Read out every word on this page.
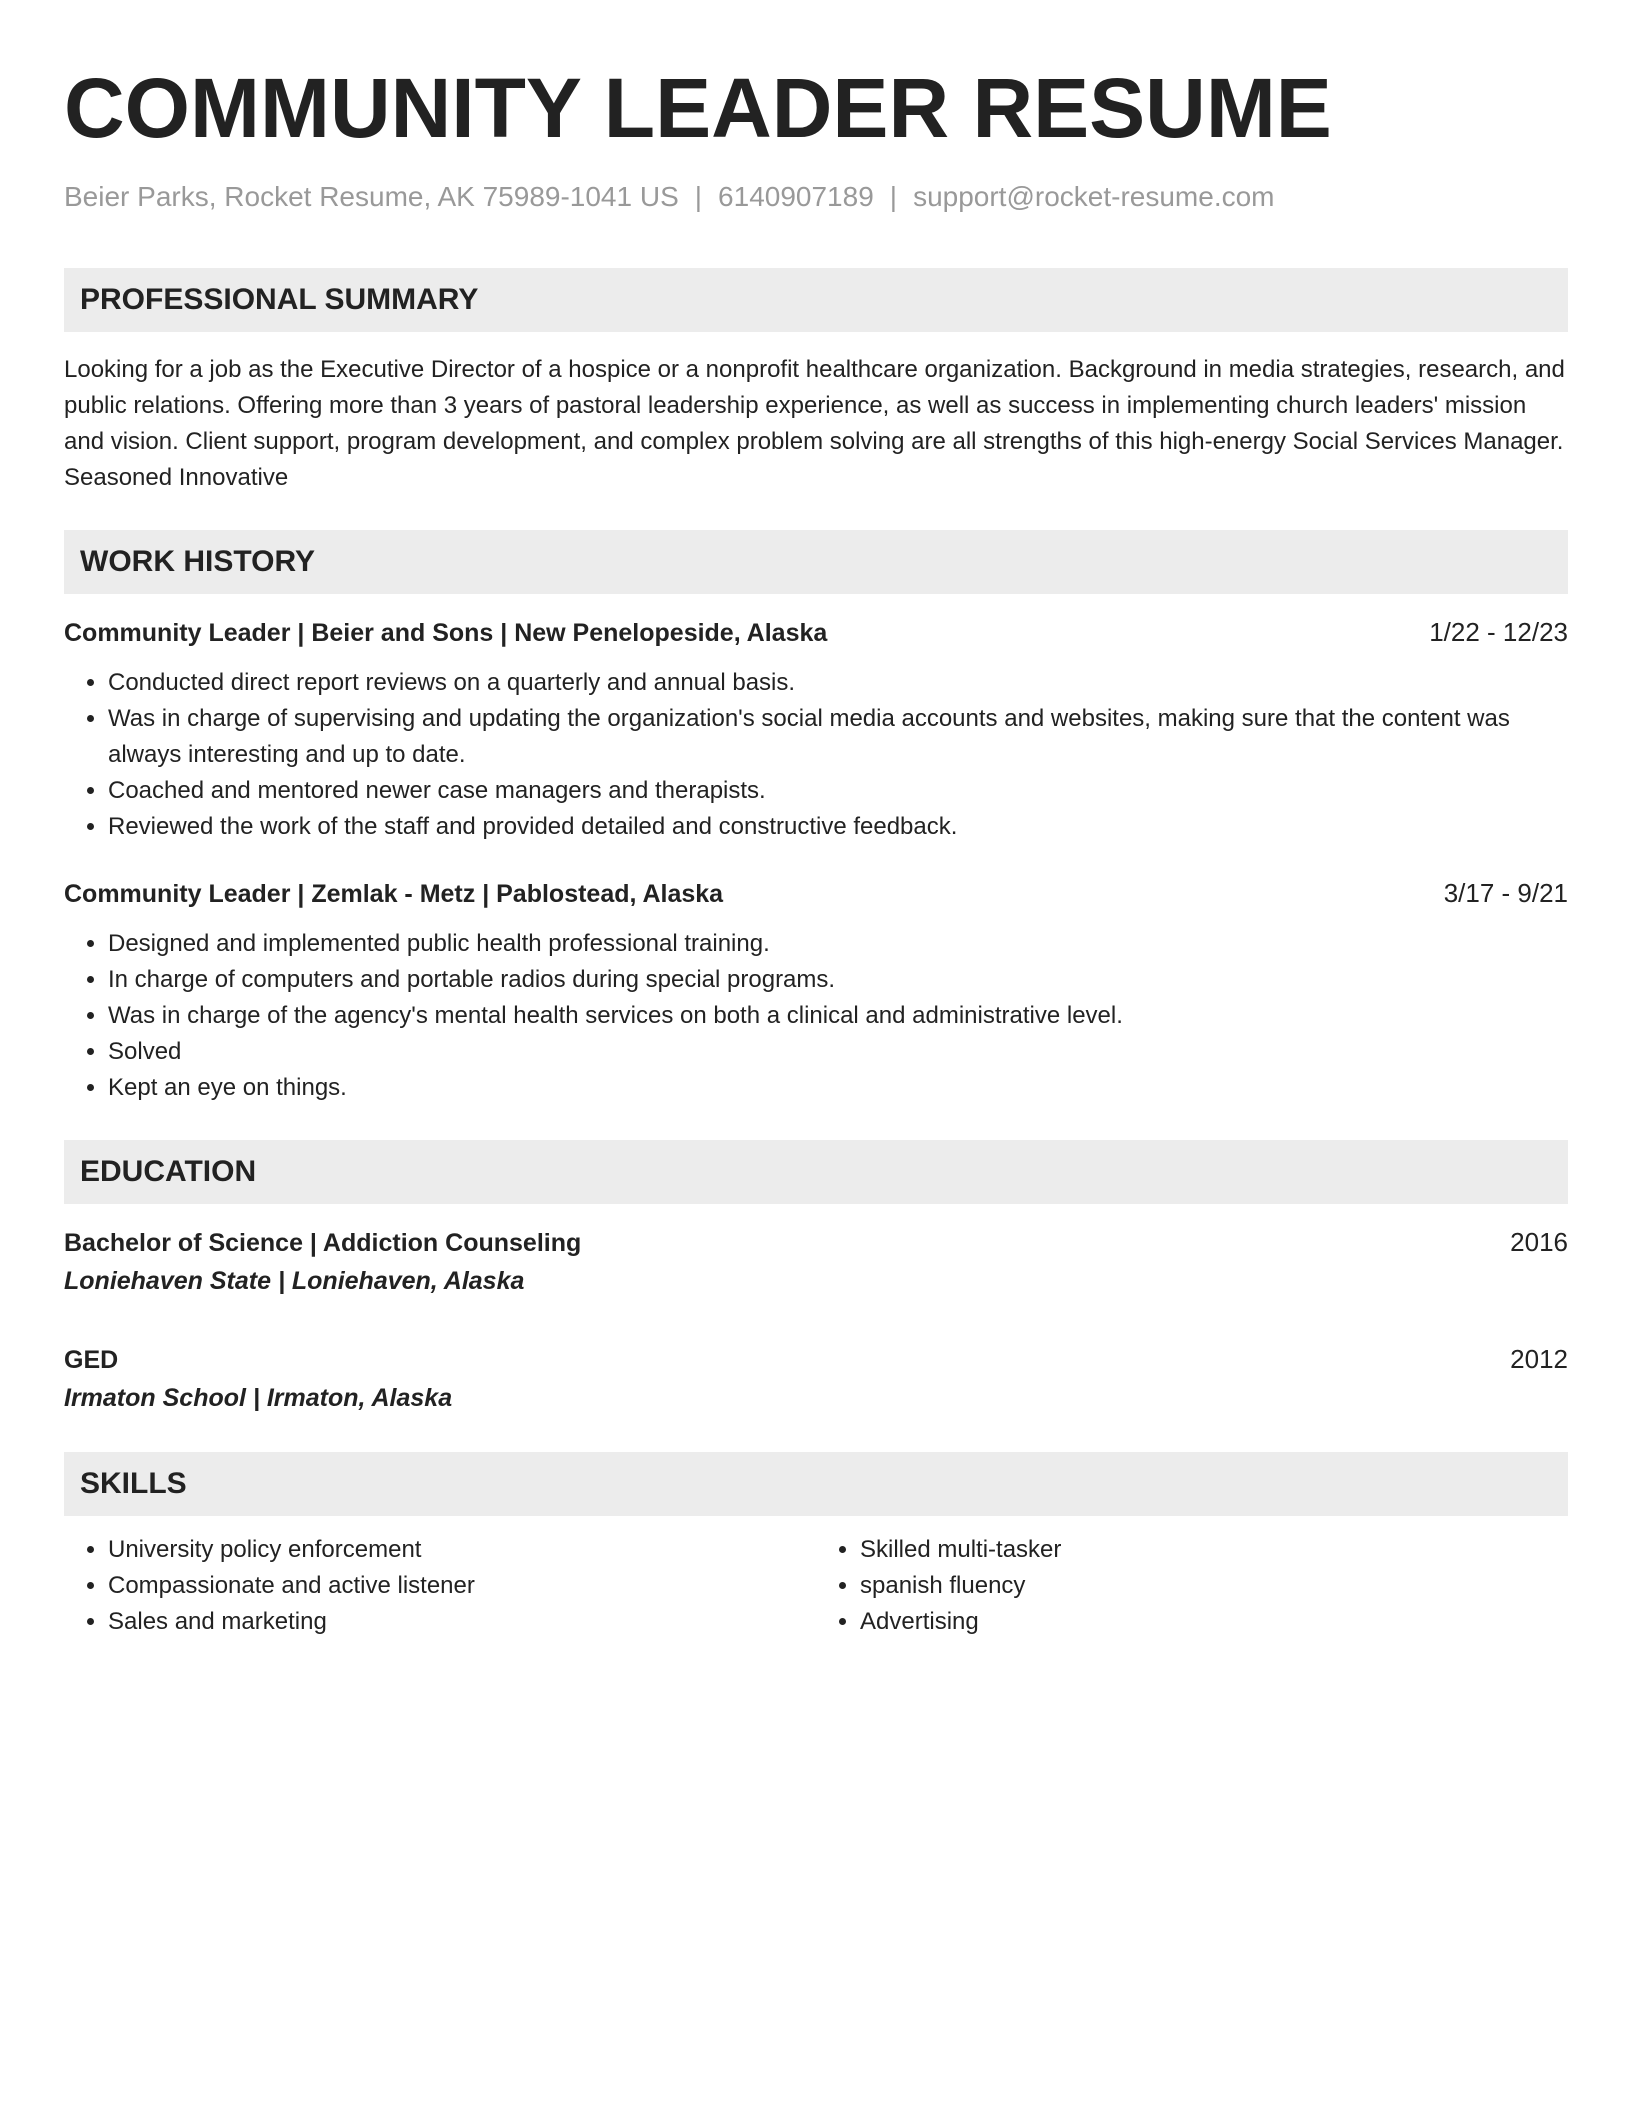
COMMUNITY LEADER RESUME
Beier Parks, Rocket Resume, AK 75989-1041 US | 6140907189 | support@rocket-resume.com
PROFESSIONAL SUMMARY
Looking for a job as the Executive Director of a hospice or a nonprofit healthcare organization. Background in media strategies, research, and public relations. Offering more than 3 years of pastoral leadership experience, as well as success in implementing church leaders' mission and vision. Client support, program development, and complex problem solving are all strengths of this high-energy Social Services Manager. Seasoned Innovative
WORK HISTORY
Community Leader | Beier and Sons | New Penelopeside, Alaska	1/22 - 12/23
• Conducted direct report reviews on a quarterly and annual basis.
• Was in charge of supervising and updating the organization's social media accounts and websites, making sure that the content was always interesting and up to date.
• Coached and mentored newer case managers and therapists.
• Reviewed the work of the staff and provided detailed and constructive feedback.
Community Leader | Zemlak - Metz | Pablostead, Alaska	3/17 - 9/21
• Designed and implemented public health professional training.
• In charge of computers and portable radios during special programs.
• Was in charge of the agency's mental health services on both a clinical and administrative level.
• Solved
• Kept an eye on things.
EDUCATION
Bachelor of Science | Addiction Counseling	2016
Loniehaven State | Loniehaven, Alaska
GED	2012
Irmaton School | Irmaton, Alaska
SKILLS
• University policy enforcement
• Compassionate and active listener
• Sales and marketing
• Skilled multi-tasker
• spanish fluency
• Advertising
